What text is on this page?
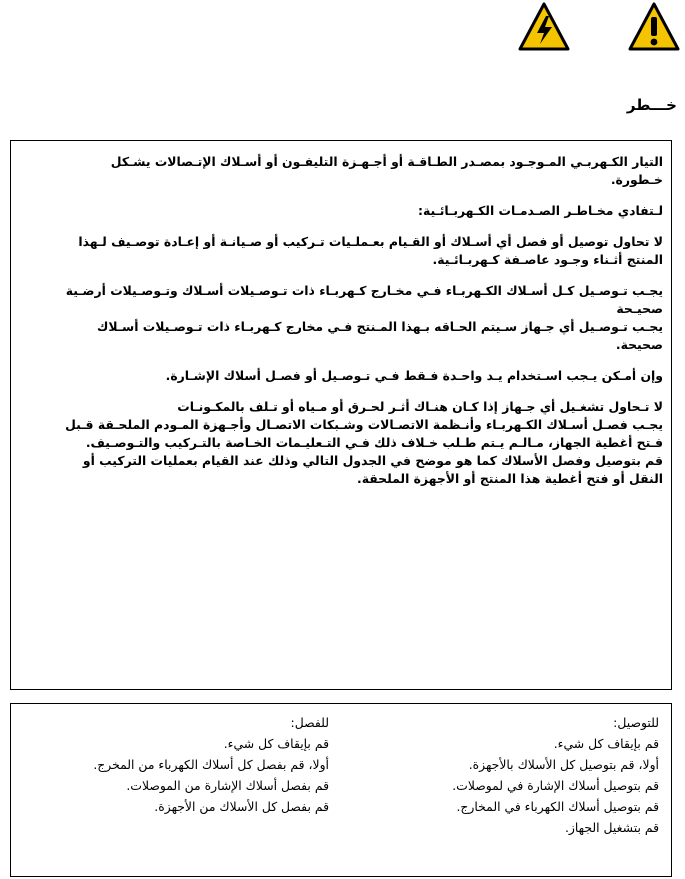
خـــطر

التيار الكـهربـي المـوجـود بمصـدر الطـاقـة أو أجـهـزة التليفـون أو أسـلاك الإتـصالات يشـكل خـطورة.

لـتفادي مخـاطـر الصـدمـات الكـهربـائـية:

لا تحاول توصيل أو فصل أي أسـلاك أو القـيام بعـملـيات تـركيب أو صـيانـة أو إعـادة توصـيف لـهذا المنتج أثـناء وجـود عاصـفة كـهربـائـية.

يجـب تـوصـيل كـل أسـلاك الكـهربـاء فـي مخـارج كـهربـاء ذات تـوصـيلات أسـلاك وتـوصـيلات أرضـية صحيـحة

يجـب تـوصـيل أي جـهاز سـيتم الحـاقه بـهذا المـنتج فـي مخارج كـهربـاء ذات تـوصـيلات أسـلاك صحيحة.

وإن أمـكن يـجب اسـتخدام يـد واحـدة فـقط فـي تـوصـيل أو فصـل أسلاك الإشـارة.

لا تـحاول تشغـيل أي جـهاز إذا كـان هنـاك أثـر لحـرق أو مـياه أو تـلف بالمكـونـات

يجـب فصـل أسـلاك الكـهربـاء وأنـظمة الاتصـالات وشـبكات الاتصـال وأجـهزة المـودم الملحـقة قـبل فـتح أغطية الجهاز، مـالـم يـتم طـلب خـلاف ذلك فـي التـعليـمات الخـاصة بالتـركيب والتـوصـيف.

قم بتوصيل وفصل الأسلاك كما هو موضح في الجدول التالي وذلك عند القيام بعمليات التركيب أو النقل أو فتح أغطية هذا المنتج أو الأجهزة الملحقة.

للتوصيل:
قم بإيقاف كل شيء.
أولا، قم بتوصيل كل الأسلاك بالأجهزة.
قم بتوصيل أسلاك الإشارة في لموصلات.
قم بتوصيل أسلاك الكهرباء في المخارج.
قم بتشغيل الجهاز.
للفصل:
قم بإيقاف كل شيء.
أولا، قم بفصل كل أسلاك الكهرباء من المخرج.
قم بفصل أسلاك الإشارة من الموصلات.
قم بفصل كل الأسلاك من الأجهزة.
